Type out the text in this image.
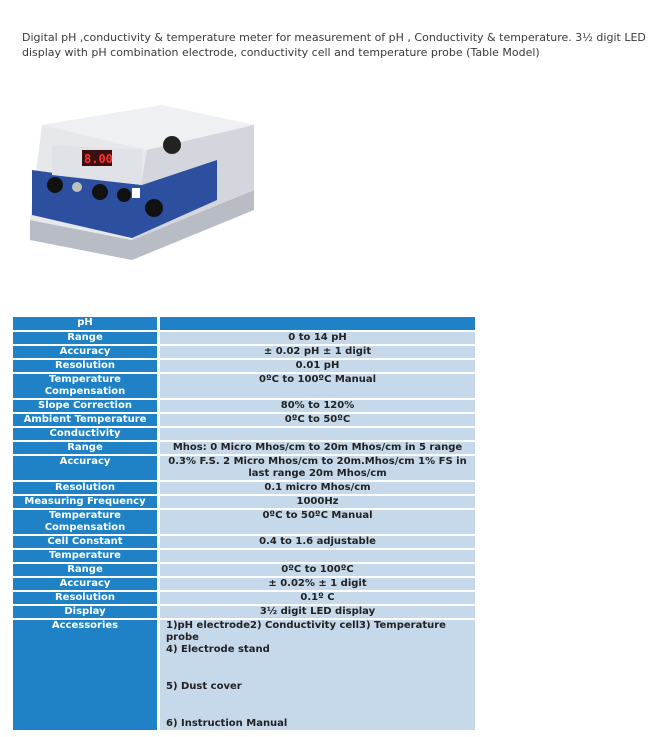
Digital pH ,conductivity & temperature meter for measurement of pH , Conductivity & temperature. 3½ digit LED display with pH combination electrode, conductivity cell and temperature probe (Table Model)

8.00
pH	
Range	0 to 14 pH
Accuracy	± 0.02 pH ± 1 digit
Resolution	0.01 pH
Temperature Compensation	0ºC to 100ºC Manual
Slope Correction	80% to 120%
Ambient Temperature	0ºC to 50ºC
Conductivity	
Range	Mhos: 0 Micro Mhos/cm to 20m Mhos/cm in 5 range
Accuracy	0.3% F.S. 2 Micro Mhos/cm to 20m.Mhos/cm 1% FS in last range 20m Mhos/cm
Resolution	0.1 micro Mhos/cm
Measuring Frequency	1000Hz
Temperature Compensation	0ºC to 50ºC Manual
Cell Constant	0.4 to 1.6 adjustable
Temperature	
Range	0ºC to 100ºC
Accuracy	± 0.02% ± 1 digit
Resolution	0.1º C
Display	3½ digit LED display
Accessories	1)pH electrode2) Conductivity cell3) Temperature probe
4) Electrode stand
5) Dust cover
6) Instruction Manual
